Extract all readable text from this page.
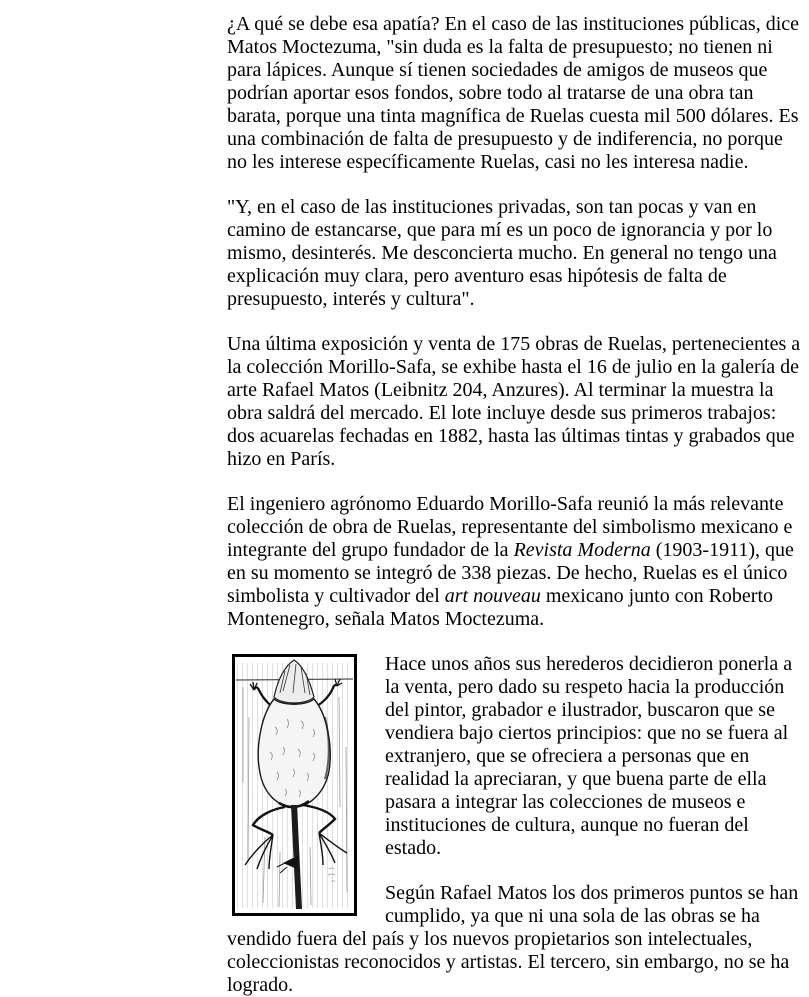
¿A qué se debe esa apatía? En el caso de las instituciones públicas, dice Matos Moctezuma, "sin duda es la falta de presupuesto; no tienen ni para lápices. Aunque sí tienen sociedades de amigos de museos que podrían aportar esos fondos, sobre todo al tratarse de una obra tan barata, porque una tinta magnífica de Ruelas cuesta mil 500 dólares. Es una combinación de falta de presupuesto y de indiferencia, no porque no les interese específicamente Ruelas, casi no les interesa nadie.

"Y, en el caso de las instituciones privadas, son tan pocas y van en camino de estancarse, que para mí es un poco de ignorancia y por lo mismo, desinterés. Me desconcierta mucho. En general no tengo una explicación muy clara, pero aventuro esas hipótesis de falta de presupuesto, interés y cultura".

Una última exposición y venta de 175 obras de Ruelas, pertenecientes a la colección Morillo-Safa, se exhibe hasta el 16 de julio en la galería de arte Rafael Matos (Leibnitz 204, Anzures). Al terminar la muestra la obra saldrá del mercado. El lote incluye desde sus primeros trabajos: dos acuarelas fechadas en 1882, hasta las últimas tintas y grabados que hizo en París.

El ingeniero agrónomo Eduardo Morillo-Safa reunió la más relevante colección de obra de Ruelas, representante del simbolismo mexicano e integrante del grupo fundador de la Revista Moderna (1903-1911), que en su momento se integró de 338 piezas. De hecho, Ruelas es el único simbolista y cultivador del art nouveau mexicano junto con Roberto Montenegro, señala Matos Moctezuma.

Hace unos años sus herederos decidieron ponerla a la venta, pero dado su respeto hacia la producción del pintor, grabador e ilustrador, buscaron que se vendiera bajo ciertos principios: que no se fuera al extranjero, que se ofreciera a personas que en realidad la apreciaran, y que buena parte de ella pasara a integrar las colecciones de museos e instituciones de cultura, aunque no fueran del estado.

Según Rafael Matos los dos primeros puntos se han cumplido, ya que ni una sola de las obras se ha vendido fuera del país y los nuevos propietarios son intelectuales, coleccionistas reconocidos y artistas. El tercero, sin embargo, no se ha logrado.
